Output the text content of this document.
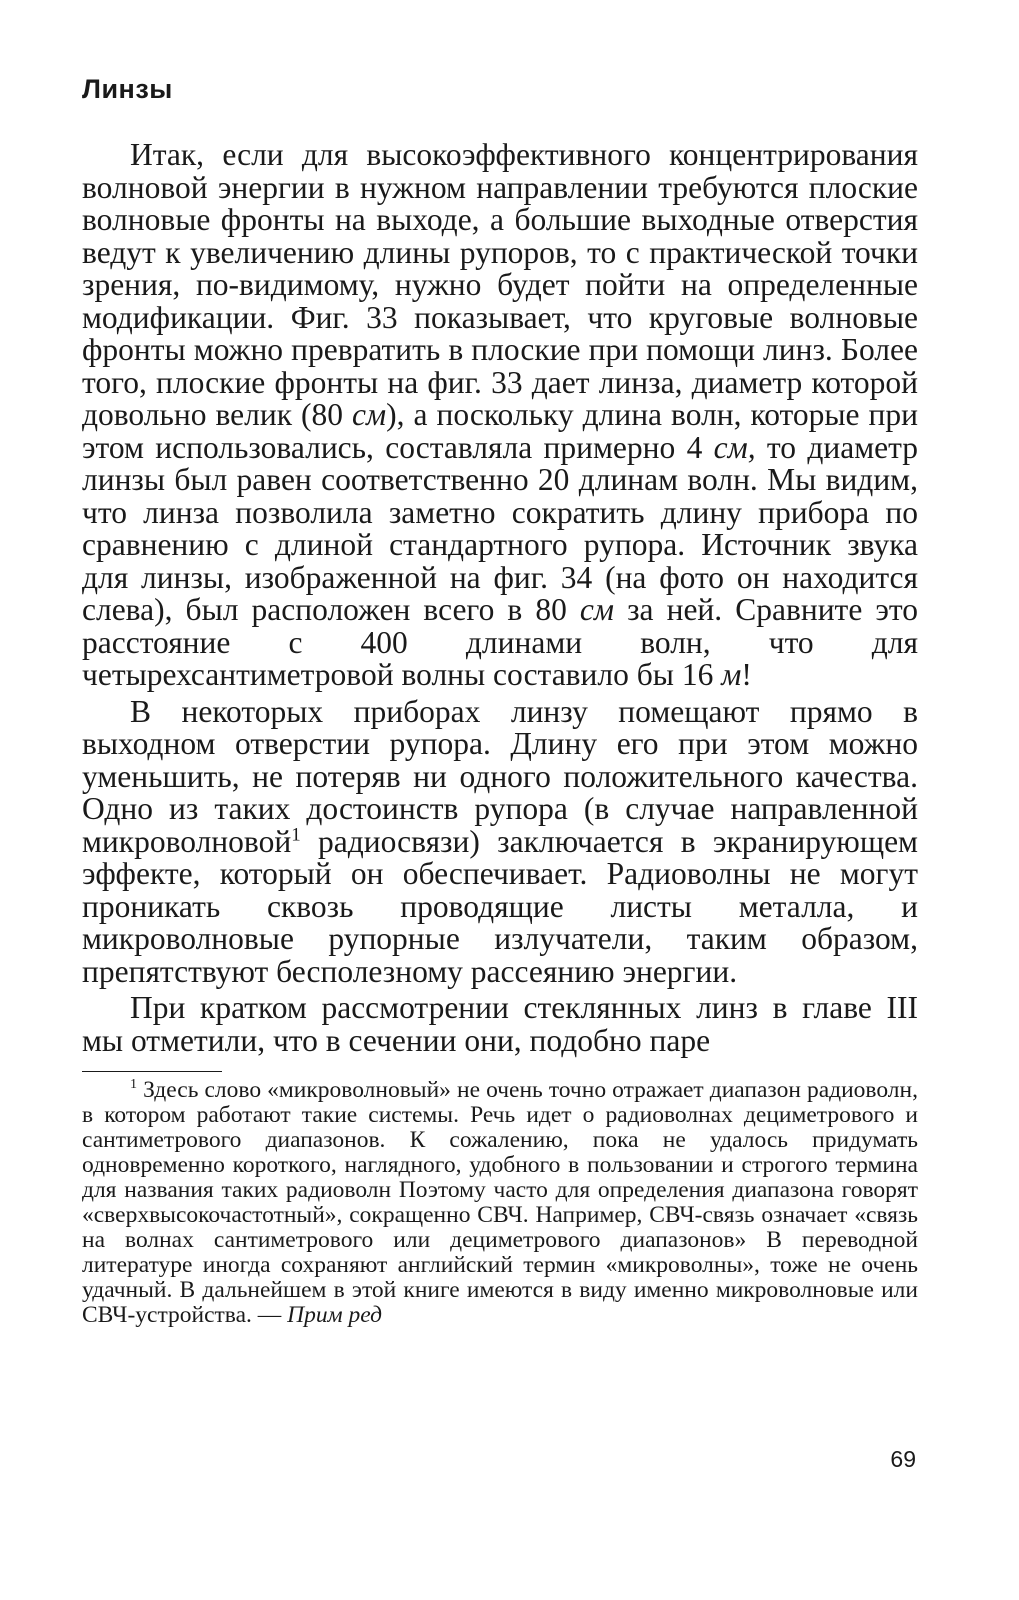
Линзы

Итак, если для высокоэффективного концентрирования волновой энергии в нужном направлении требуются плоские волновые фронты на выходе, а большие выходные отверстия ведут к увеличению длины рупоров, то с практической точки зрения, по-видимому, нужно будет пойти на определенные модификации. Фиг. 33 показывает, что круговые волновые фронты можно превратить в плоские при помощи линз. Более того, плоские фронты на фиг. 33 дает линза, диаметр которой довольно велик (80 см), а поскольку длина волн, которые при этом использовались, составляла примерно 4 см, то диаметр линзы был равен соответственно 20 длинам волн. Мы видим, что линза позволила заметно сократить длину прибора по сравнению с длиной стандартного рупора. Источник звука для линзы, изображенной на фиг. 34 (на фото он находится слева), был расположен всего в 80 см за ней. Сравните это расстояние с 400 длинами волн, что для четырехсантиметровой волны составило бы 16 м!

В некоторых приборах линзу помещают прямо в выходном отверстии рупора. Длину его при этом можно уменьшить, не потеряв ни одного положительного качества. Одно из таких достоинств рупора (в случае направленной микроволновой$^1$ радиосвязи) заключается в экранирующем эффекте, который он обеспечивает. Радиоволны не могут проникать сквозь проводящие листы металла, и микроволновые рупорные излучатели, таким образом, препятствуют бесполезному рассеянию энергии.

При кратком рассмотрении стеклянных линз в главе III мы отметили, что в сечении они, подобно паре

$^1$ Здесь слово «микроволновый» не очень точно отражает диапазон радиоволн, в котором работают такие системы. Речь идет о радиоволнах дециметрового и сантиметрового диапазонов. К сожалению, пока не удалось придумать одновременно короткого, наглядного, удобного в пользовании и строгого термина для названия таких радиоволн Поэтому часто для определения диапазона говорят «сверхвысокочастотный», сокращенно СВЧ. Например, СВЧ-связь означает «связь на волнах сантиметрового или дециметрового диапазонов» В переводной литературе иногда сохраняют английский термин «микроволны», тоже не очень удачный. В дальнейшем в этой книге имеются в виду именно микроволновые или СВЧ-устройства. — Прим ред

69
